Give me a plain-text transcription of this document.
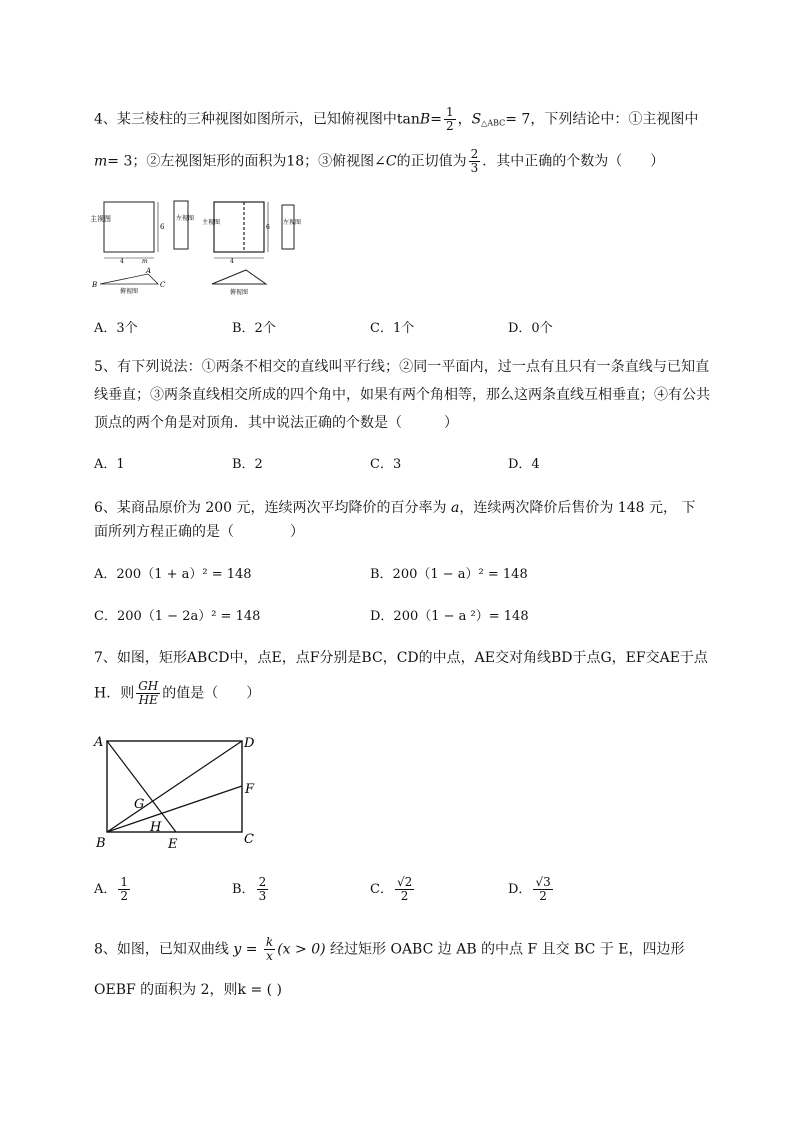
4、某三棱柱的三种视图如图所示，已知俯视图中$\tan B= \frac{1}{2}$ ，$S_{\triangle ABC}= 7$，下列结论中：①主视图中
m= 3；②左视图矩形的面积为18；③俯视图∠C的正切值为 $\frac{2}{3}$ ．其中正确的个数为（　　）
主视图
6
4	m
A
B	C
俯视图
左视图
主视图
6
4
俯视图
左视图
A．3个	B．2个	C．1个	D．0个
5、有下列说法：①两条不相交的直线叫平行线；②同一平面内，过一点有且只有一条直线与已知直
线垂直；③两条直线相交所成的四个角中，如果有两个角相等，那么这两条直线互相垂直；④有公共
顶点的两个角是对顶角．其中说法正确的个数是（　　　）
A．1	B．2	C．3	D．4
6、某商品原价为 200 元，连续两次平均降价的百分率为 a，连续两次降价后售价为 148 元， 下
面所列方程正确的是（　　　　）
A．200（1 + a）² = 148	B．200（1 − a）² = 148
C．200（1 − 2a）² = 148	D．200（1 − a ²）= 148
7、如图，矩形ABCD中，点E，点F分别是BC，CD的中点，AE交对角线BD于点G，EF交AE于点
H．则 $\frac{GH}{HE}$ 的值是（　　）
A	D
F
G
H
B	E	C
A． $\frac{1}{2}$	B． $\frac{2}{3}$	C． $\frac{√2}{2}$	D． $\frac{√3}{2}$
8、如图，已知双曲线 $y = \frac{k}{x} (x > 0)$ 经过矩形 OABC 边 AB 的中点 F 且交 BC 于 E，四边形
OEBF 的面积为 2，则k = ( )
